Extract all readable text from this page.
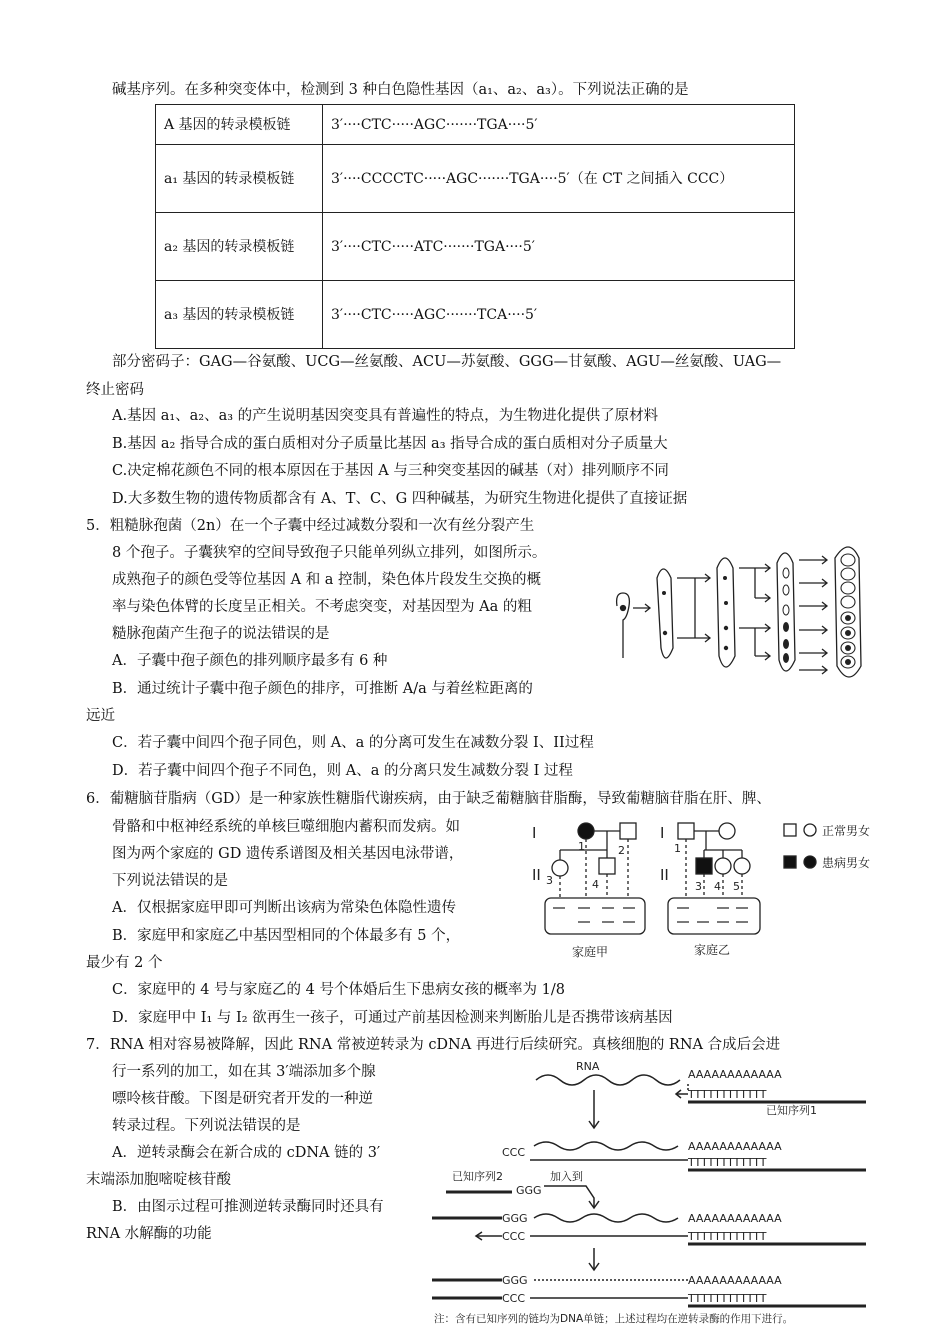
碱基序列。在多种突变体中，检测到 3 种白色隐性基因（a₁、a₂、a₃）。下列说法正确的是
A 基因的转录模板链	3′····CTC·····AGC·······TGA····5′
a₁ 基因的转录模板链	3′····CCCCTC·····AGC·······TGA····5′（在 CT 之间插入 CCC）
a₂ 基因的转录模板链	3′····CTC·····ATC·······TGA····5′
a₃ 基因的转录模板链	3′····CTC·····AGC·······TCA····5′
部分密码子：GAG—谷氨酸、UCG—丝氨酸、ACU—苏氨酸、GGG—甘氨酸、AGU—丝氨酸、UAG—
终止密码
A.基因 a₁、a₂、a₃ 的产生说明基因突变具有普遍性的特点，为生物进化提供了原材料
B.基因 a₂ 指导合成的蛋白质相对分子质量比基因 a₃ 指导合成的蛋白质相对分子质量大
C.决定棉花颜色不同的根本原因在于基因 A 与三种突变基因的碱基（对）排列顺序不同
D.大多数生物的遗传物质都含有 A、T、C、G 四种碱基，为研究生物进化提供了直接证据
5．粗糙脉孢菌（2n）在一个子囊中经过减数分裂和一次有丝分裂产生
8 个孢子。子囊狭窄的空间导致孢子只能单列纵立排列，如图所示。
成熟孢子的颜色受等位基因 A 和 a 控制，染色体片段发生交换的概
率与染色体臂的长度呈正相关。不考虑突变，对基因型为 Aa 的粗
糙脉孢菌产生孢子的说法错误的是
A．子囊中孢子颜色的排列顺序最多有 6 种
B．通过统计子囊中孢子颜色的排序，可推断 A/a 与着丝粒距离的
远近
C．若子囊中间四个孢子同色，则 A、a 的分离可发生在减数分裂 I、II过程
D．若子囊中间四个孢子不同色，则 A、a 的分离只发生减数分裂 I 过程
6．葡糖脑苷脂病（GD）是一种家族性糖脂代谢疾病，由于缺乏葡糖脑苷脂酶，导致葡糖脑苷脂在肝、脾、
骨骼和中枢神经系统的单核巨噬细胞内蓄积而发病。如
图为两个家庭的 GD 遗传系谱图及相关基因电泳带谱，
下列说法错误的是
A．仅根据家庭甲即可判断出该病为常染色体隐性遗传
B．家庭甲和家庭乙中基因型相同的个体最多有 5 个，
最少有 2 个
C．家庭甲的 4 号与家庭乙的 4 号个体婚后生下患病女孩的概率为 1/8
D．家庭甲中 I₁ 与 I₂ 欲再生一孩子，可通过产前基因检测来判断胎儿是否携带该病基因
I
II
I
II
1	2
3	4
1
3 4 5
家庭甲	家庭乙
正常男女
患病男女
7．RNA 相对容易被降解，因此 RNA 常被逆转录为 cDNA 再进行后续研究。真核细胞的 RNA 合成后会进
行一系列的加工，如在其 3′端添加多个腺
嘌呤核苷酸。下图是研究者开发的一种逆
转录过程。下列说法错误的是
A．逆转录酶会在新合成的 cDNA 链的 3′
末端添加胞嘧啶核苷酸
B．由图示过程可推测逆转录酶同时还具有
RNA 水解酶的功能
RNA
AAAAAAAAAAAA
TTTTTTTTTTTT
已知序列1
AAAAAAAAAAAA
TTTTTTTTTTTT
CCC
已知序列2
GGG
加入到
GGG
CCC
AAAAAAAAAAAA
TTTTTTTTTTTT
GGG
CCC
AAAAAAAAAAAA
TTTTTTTTTTTT
注：含有已知序列的链均为DNA单链；上述过程均在逆转录酶的作用下进行。
